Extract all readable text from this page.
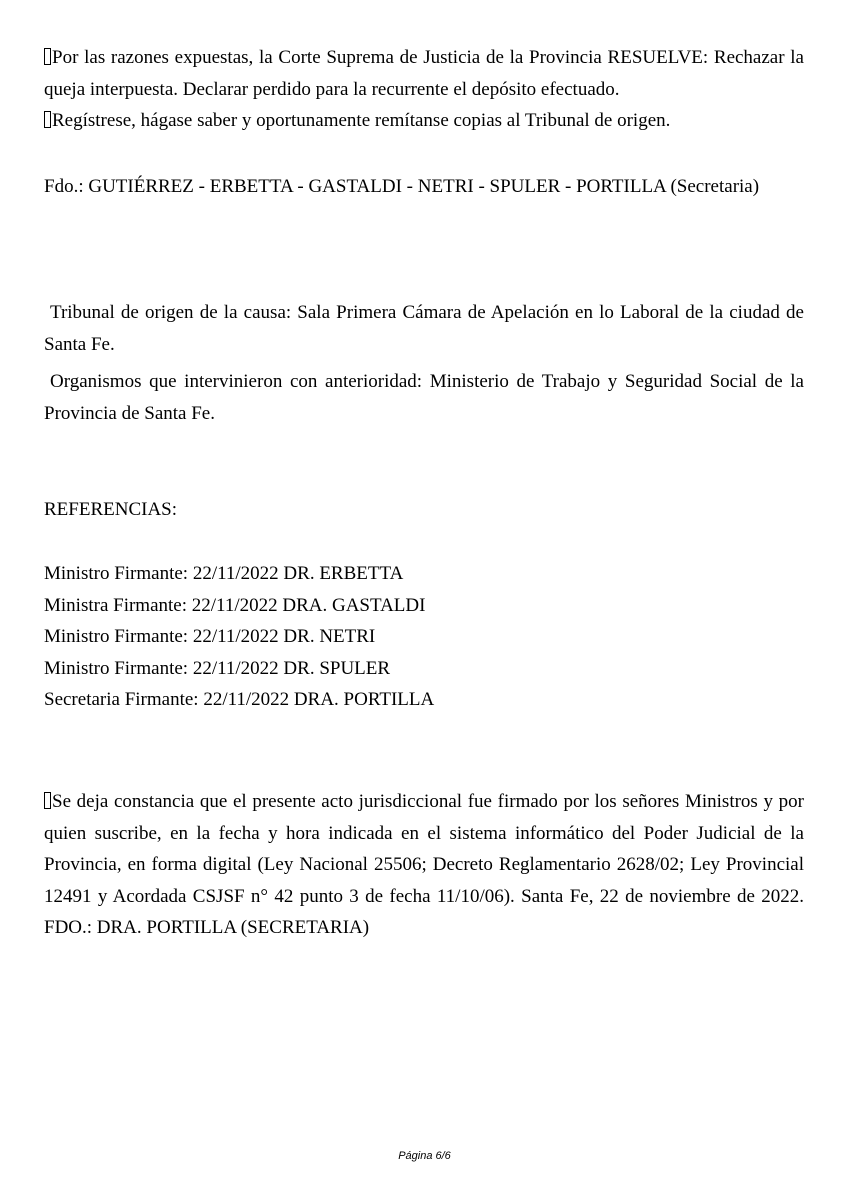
Por las razones expuestas, la Corte Suprema de Justicia de la Provincia RESUELVE: Rechazar la queja interpuesta. Declarar perdido para la recurrente el depósito efectuado.
Regístrese, hágase saber y oportunamente remítanse copias al Tribunal de origen.
Fdo.: GUTIÉRREZ - ERBETTA - GASTALDI - NETRI - SPULER - PORTILLA (Secretaria)
Tribunal de origen de la causa: Sala Primera Cámara de Apelación en lo Laboral de la ciudad de Santa Fe.
Organismos que intervinieron con anterioridad: Ministerio de Trabajo y Seguridad Social de la Provincia de Santa Fe.
REFERENCIAS:
Ministro Firmante: 22/11/2022 DR. ERBETTA
Ministra Firmante: 22/11/2022 DRA. GASTALDI
Ministro Firmante: 22/11/2022 DR. NETRI
Ministro Firmante: 22/11/2022 DR. SPULER
Secretaria Firmante: 22/11/2022 DRA. PORTILLA
Se deja constancia que el presente acto jurisdiccional fue firmado por los señores Ministros y por quien suscribe, en la fecha y hora indicada en el sistema informático del Poder Judicial de la Provincia, en forma digital (Ley Nacional 25506; Decreto Reglamentario 2628/02; Ley Provincial 12491 y Acordada CSJSF n° 42 punto 3 de fecha 11/10/06). Santa Fe, 22 de noviembre de 2022. FDO.: DRA. PORTILLA (SECRETARIA)
Página 6/6
